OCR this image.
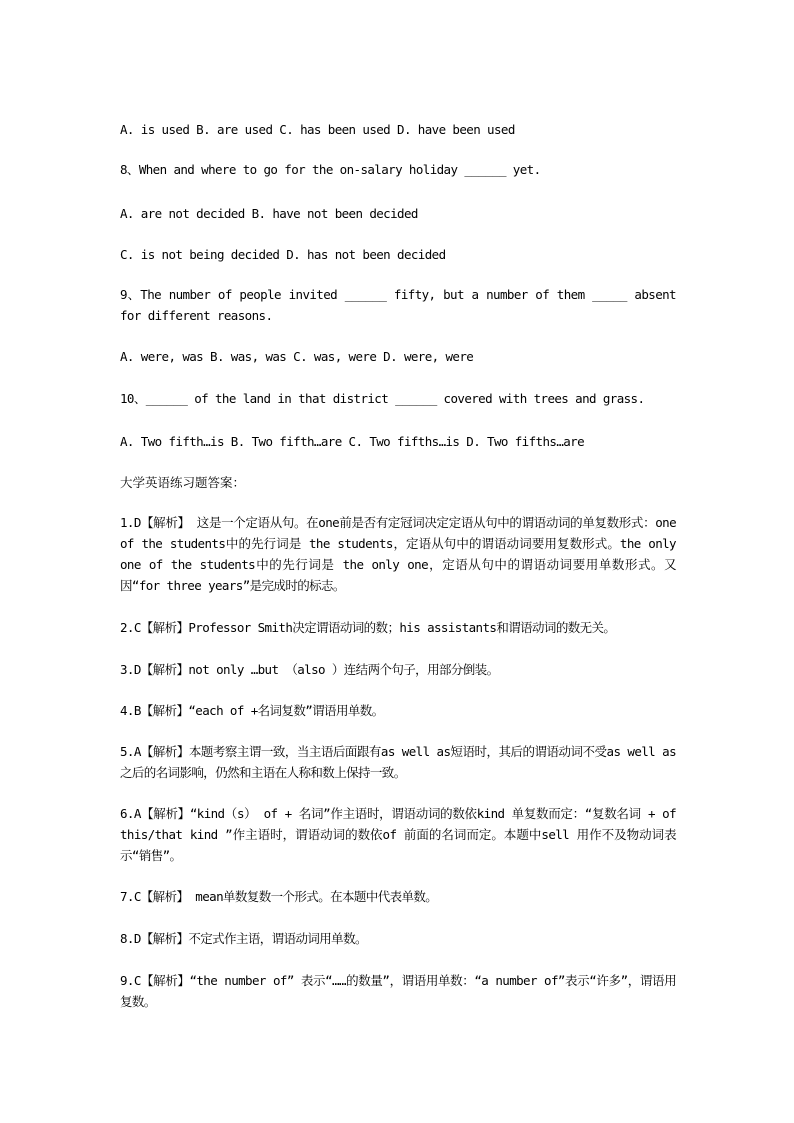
A. is used B. are used C. has been used D. have been used
8、When and where to go for the on-salary holiday ______ yet.
A. are not decided B. have not been decided
C. is not being decided D. has not been decided
9、The number of people invited ______ fifty, but a number of them _____ absent for different reasons.
A. were, was B. was, was C. was, were D. were, were
10、______ of the land in that district ______ covered with trees and grass.
A. Two fifth…is B. Two fifth…are C. Two fifths…is D. Two fifths…are
大学英语练习题答案：
1.D【解析】 这是一个定语从句。在one前是否有定冠词决定定语从句中的谓语动词的单复数形式：one of the students中的先行词是 the students，定语从句中的谓语动词要用复数形式。the only one of the students中的先行词是 the only one，定语从句中的谓语动词要用单数形式。又因“for three years”是完成时的标志。
2.C【解析】Professor Smith决定谓语动词的数；his assistants和谓语动词的数无关。
3.D【解析】not only …but （also ）连结两个句子，用部分倒装。
4.B【解析】“each of +名词复数”谓语用单数。
5.A【解析】本题考察主谓一致，当主语后面跟有as well as短语时，其后的谓语动词不受as well as之后的名词影响，仍然和主语在人称和数上保持一致。
6.A【解析】“kind（s） of + 名词”作主语时，谓语动词的数依kind 单复数而定：“复数名词 + of this/that kind ”作主语时，谓语动词的数依of 前面的名词而定。本题中sell 用作不及物动词表示“销售”。
7.C【解析】 mean单数复数一个形式。在本题中代表单数。
8.D【解析】不定式作主语，谓语动词用单数。
9.C【解析】“the number of” 表示“……的数量”，谓语用单数：“a number of”表示“许多”，谓语用复数。
